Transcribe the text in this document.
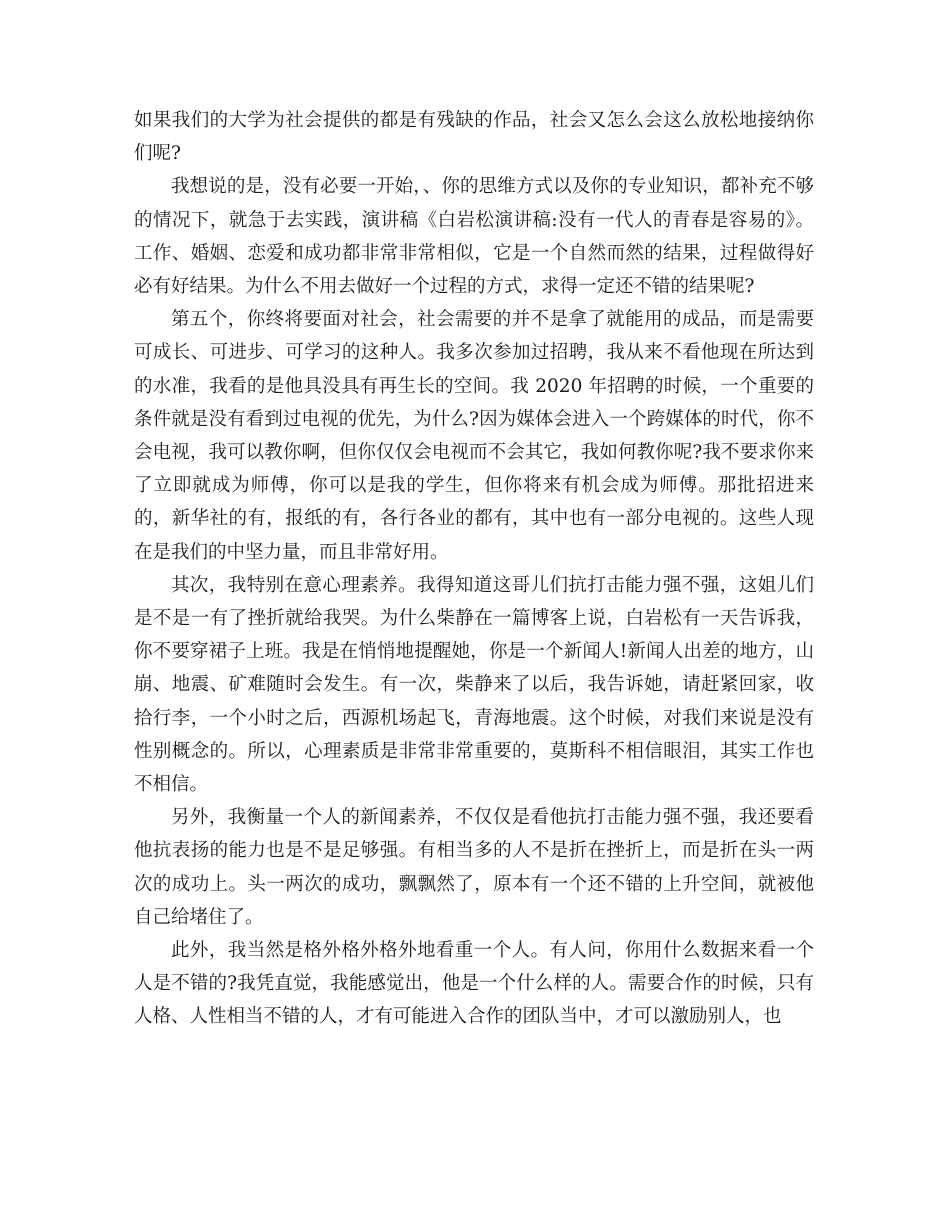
如果我们的大学为社会提供的都是有残缺的作品，社会又怎么会这么放松地接纳你们呢?

我想说的是，没有必要一开始，、你的思维方式以及你的专业知识，都补充不够的情况下，就急于去实践，演讲稿《白岩松演讲稿:没有一代人的青春是容易的》。工作、婚姻、恋爱和成功都非常非常相似，它是一个自然而然的结果，过程做得好必有好结果。为什么不用去做好一个过程的方式，求得一定还不错的结果呢?

第五个，你终将要面对社会，社会需要的并不是拿了就能用的成品，而是需要可成长、可进步、可学习的这种人。我多次参加过招聘，我从来不看他现在所达到的水准，我看的是他具没具有再生长的空间。我 2020 年招聘的时候，一个重要的条件就是没有看到过电视的优先，为什么?因为媒体会进入一个跨媒体的时代，你不会电视，我可以教你啊，但你仅仅会电视而不会其它，我如何教你呢?我不要求你来了立即就成为师傅，你可以是我的学生，但你将来有机会成为师傅。那批招进来的，新华社的有，报纸的有，各行各业的都有，其中也有一部分电视的。这些人现在是我们的中坚力量，而且非常好用。

其次，我特别在意心理素养。我得知道这哥儿们抗打击能力强不强，这姐儿们是不是一有了挫折就给我哭。为什么柴静在一篇博客上说，白岩松有一天告诉我，你不要穿裙子上班。我是在悄悄地提醒她，你是一个新闻人!新闻人出差的地方，山崩、地震、矿难随时会发生。有一次，柴静来了以后，我告诉她，请赶紧回家，收拾行李，一个小时之后，西源机场起飞，青海地震。这个时候，对我们来说是没有性别概念的。所以，心理素质是非常非常重要的，莫斯科不相信眼泪，其实工作也不相信。

另外，我衡量一个人的新闻素养，不仅仅是看他抗打击能力强不强，我还要看他抗表扬的能力也是不是足够强。有相当多的人不是折在挫折上，而是折在头一两次的成功上。头一两次的成功，飘飘然了，原本有一个还不错的上升空间，就被他自己给堵住了。

此外，我当然是格外格外格外地看重一个人。有人问，你用什么数据来看一个人是不错的?我凭直觉，我能感觉出，他是一个什么样的人。需要合作的时候，只有人格、人性相当不错的人，才有可能进入合作的团队当中，才可以激励别人，也
